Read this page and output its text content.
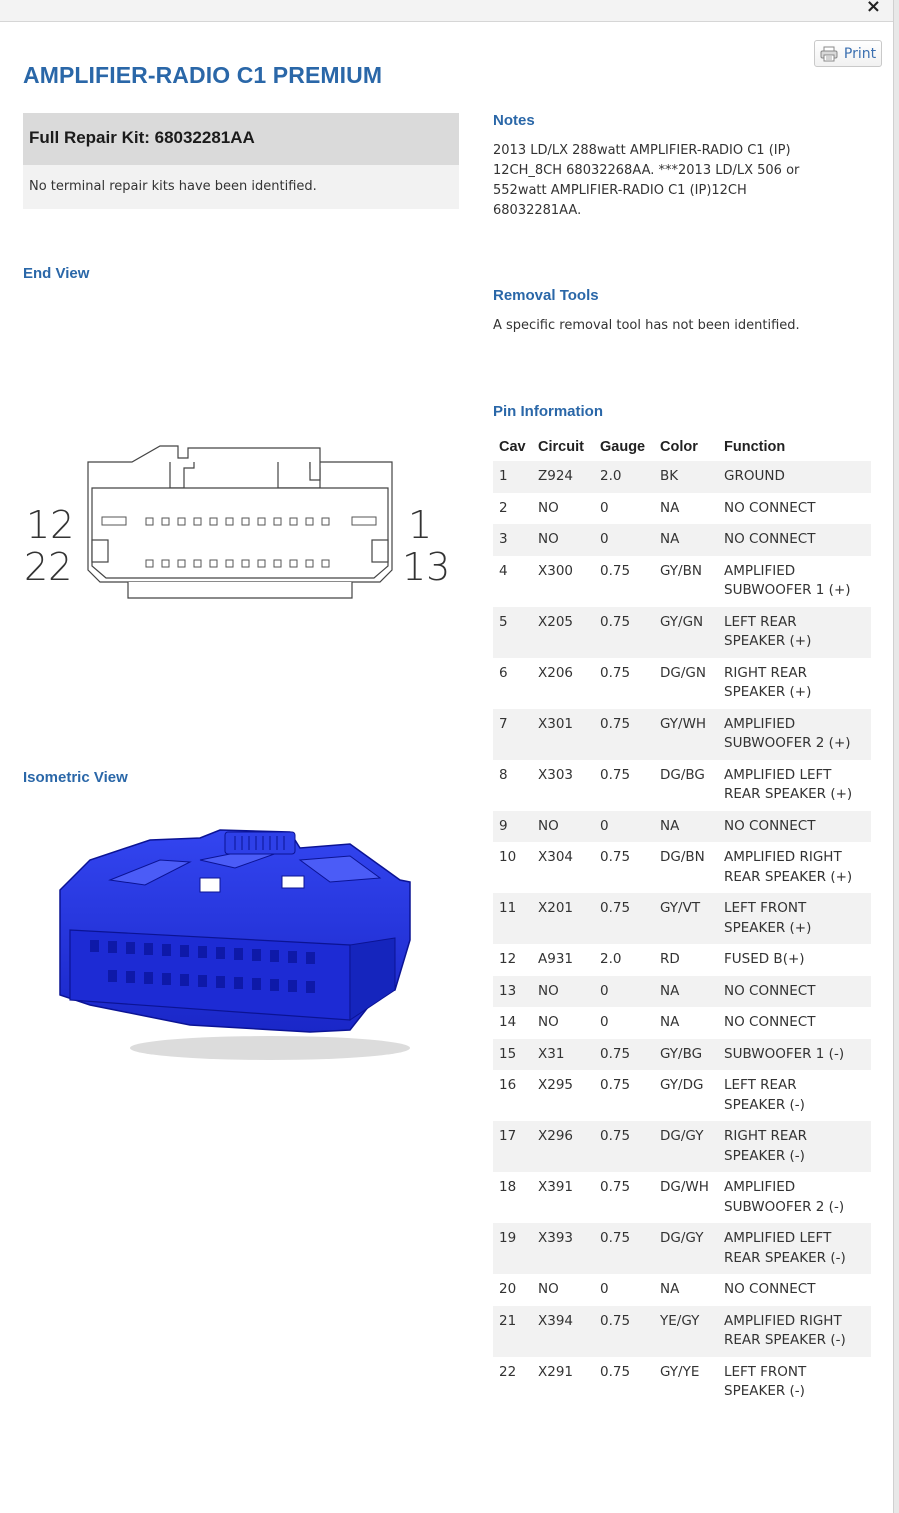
×
Print
AMPLIFIER-RADIO C1 PREMIUM
Full Repair Kit: 68032281AA
No terminal repair kits have been identified.
End View
12
22
1
13
Isometric View
Notes
2013 LD/LX 288watt AMPLIFIER-RADIO C1 (IP)
12CH_8CH 68032268AA. ***2013 LD/LX 506 or
552watt AMPLIFIER-RADIO C1 (IP)12CH
68032281AA.
Removal Tools
A specific removal tool has not been identified.
Pin Information
Cav	Circuit	Gauge	Color	Function
1	Z924	2.0	BK	GROUND

2	NO	0	NA	NO CONNECT

3	NO	0	NA	NO CONNECT

4	X300	0.75	GY/BN	AMPLIFIED
SUBWOOFER 1 (+)

5	X205	0.75	GY/GN	LEFT REAR
SPEAKER (+)

6	X206	0.75	DG/GN	RIGHT REAR
SPEAKER (+)

7	X301	0.75	GY/WH	AMPLIFIED
SUBWOOFER 2 (+)

8	X303	0.75	DG/BG	AMPLIFIED LEFT
REAR SPEAKER (+)

9	NO	0	NA	NO CONNECT

10	X304	0.75	DG/BN	AMPLIFIED RIGHT
REAR SPEAKER (+)

11	X201	0.75	GY/VT	LEFT FRONT
SPEAKER (+)

12	A931	2.0	RD	FUSED B(+)

13	NO	0	NA	NO CONNECT

14	NO	0	NA	NO CONNECT

15	X31	0.75	GY/BG	SUBWOOFER 1 (-)

16	X295	0.75	GY/DG	LEFT REAR
SPEAKER (-)

17	X296	0.75	DG/GY	RIGHT REAR
SPEAKER (-)

18	X391	0.75	DG/WH	AMPLIFIED
SUBWOOFER 2 (-)

19	X393	0.75	DG/GY	AMPLIFIED LEFT
REAR SPEAKER (-)

20	NO	0	NA	NO CONNECT

21	X394	0.75	YE/GY	AMPLIFIED RIGHT
REAR SPEAKER (-)

22	X291	0.75	GY/YE	LEFT FRONT
SPEAKER (-)
